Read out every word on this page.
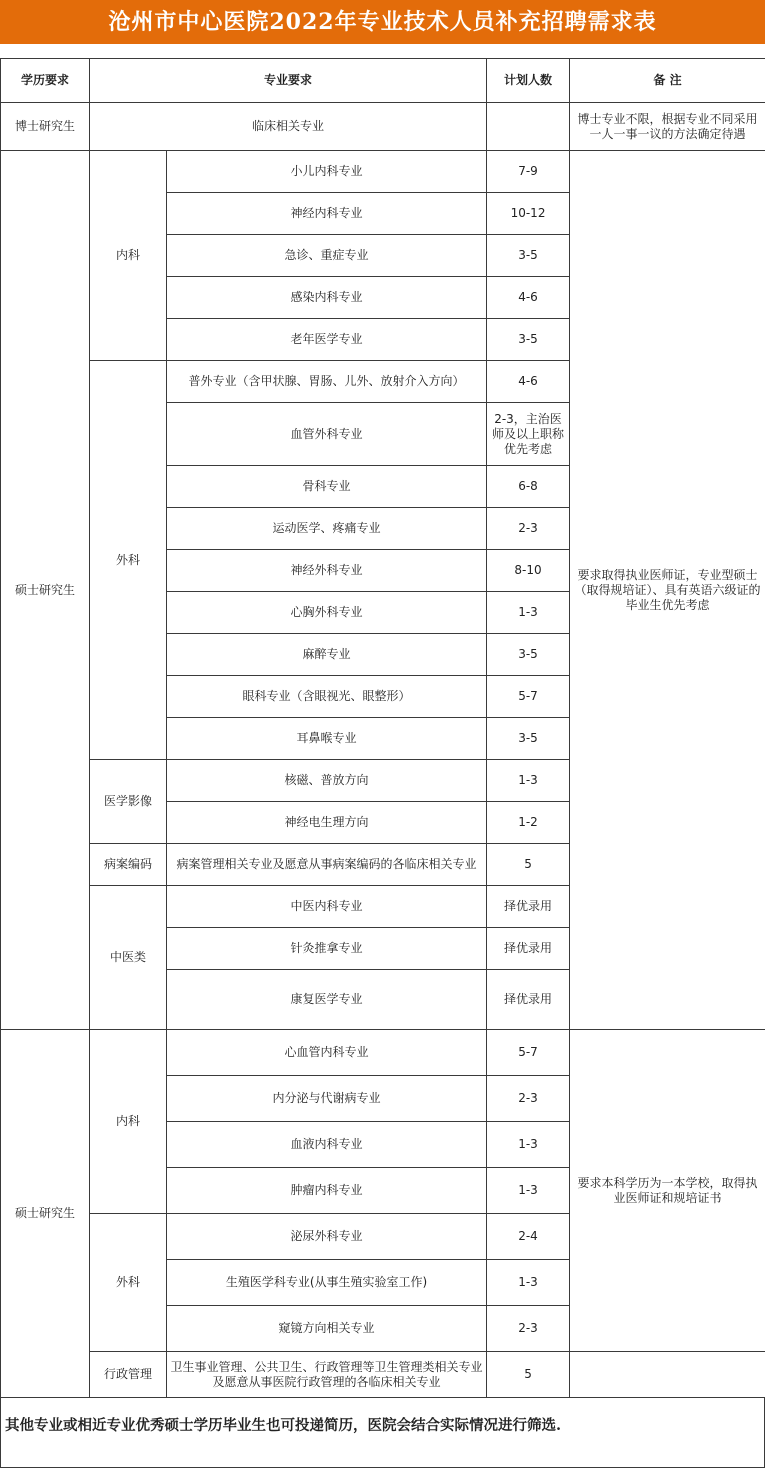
沧州市中心医院2022年专业技术人员补充招聘需求表
学历要求	专业要求		计划人数	备 注
博士研究生	临床相关专业			博士专业不限，根据专业不同采用一人一事一议的方法确定待遇
硕士研究生	内科	小儿内科专业	7-9	要求取得执业医师证，专业型硕士（取得规培证）、具有英语六级证的毕业生优先考虑
		神经内科专业	10-12	
		急诊、重症专业	3-5	
		感染内科专业	4-6	
		老年医学专业	3-5	
	外科	普外专业（含甲状腺、胃肠、儿外、放射介入方向）	4-6	
		血管外科专业	2-3，主治医师及以上职称优先考虑	
		骨科专业	6-8	
		运动医学、疼痛专业	2-3	
		神经外科专业	8-10	
		心胸外科专业	1-3	
		麻醉专业	3-5	
		眼科专业（含眼视光、眼整形）	5-7	
		耳鼻喉专业	3-5	
	医学影像	核磁、普放方向	1-3	
		神经电生理方向	1-2	
	病案编码	病案管理相关专业及愿意从事病案编码的各临床相关专业	5	
	中医类	中医内科专业	择优录用	
		针灸推拿专业	择优录用	
		康复医学专业	择优录用	
硕士研究生	内科	心血管内科专业	5-7	要求本科学历为一本学校，取得执业医师证和规培证书
		内分泌与代谢病专业	2-3	
		血液内科专业	1-3	
		肿瘤内科专业	1-3	
	外科	泌尿外科专业	2-4	
		生殖医学科专业(从事生殖实验室工作)	1-3	
		窥镜方向相关专业	2-3	
	行政管理	卫生事业管理、公共卫生、行政管理等卫生管理类相关专业及愿意从事医院行政管理的各临床相关专业	5	
其他专业或相近专业优秀硕士学历毕业生也可投递简历，医院会结合实际情况进行筛选.
